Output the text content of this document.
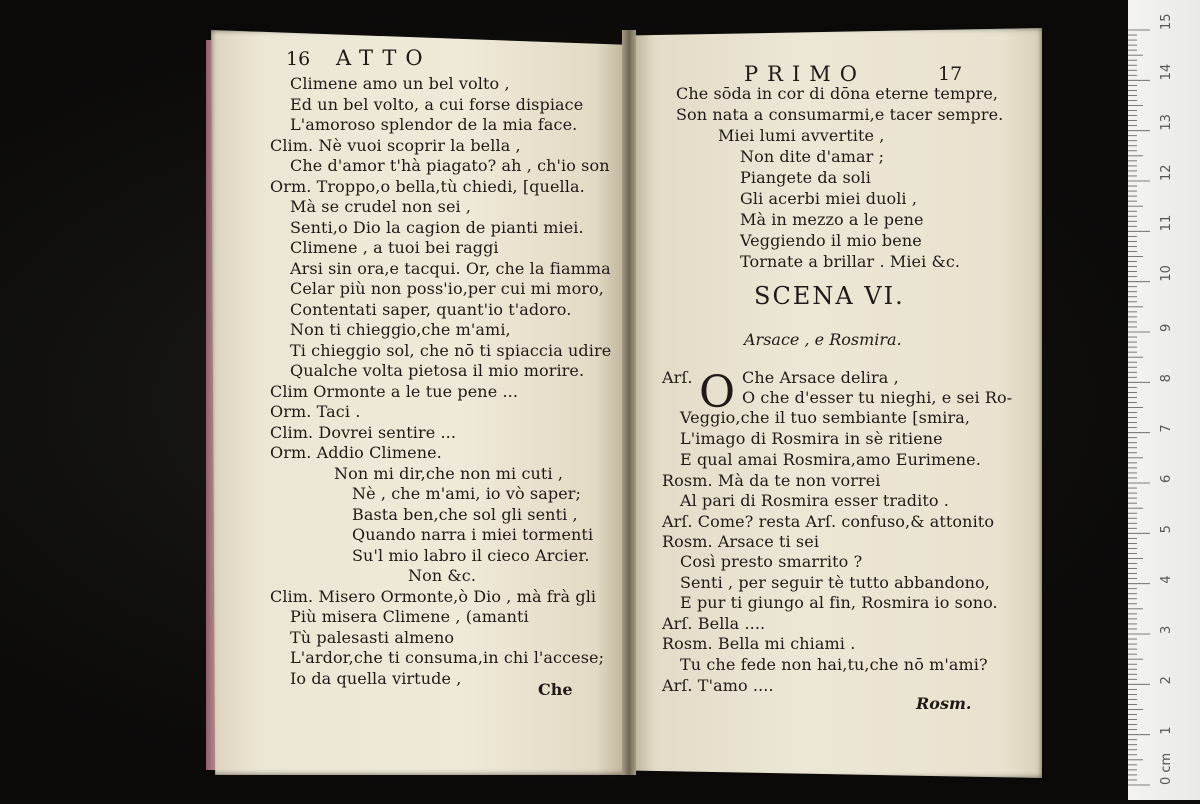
15
14
13
12
11
10
9
8
7
6
5
4
3
2
1
0 cm
16 ATTO
Climene amo un bel volto ,
Ed un bel volto, a cui forse dispiace
L'amoroso splendor de la mia face.
Clim. Nè vuoi scoprir la bella ,
Che d'amor t'hà piagato? ah , ch'io son
Orm. Troppo,o bella,tù chiedi, [quella.
Mà se crudel non sei ,
Senti,o Dio la cagion de pianti miei.
Climene , a tuoi bei raggi
Arsi sin ora,e tacqui. Or, che la fiamma
Celar più non poss'io,per cui mi moro,
Contentati saper, quant'io t'adoro.
Non ti chieggio,che m'ami,
Ti chieggio sol, che nō ti spiaccia udire
Qualche volta pietosa il mio morire.
Clim Ormonte a le tue pene ...
Orm. Taci .
Clim. Dovrei sentire ...
Orm. Addio Climene.
Non mi dir,che non mi cuti ,
Nè , che m'ami, io vò saper;
Basta ben,che sol gli senti ,
Quando narra i miei tormenti
Su'l mio labro il cieco Arcier.
Non &c.
Clim. Misero Ormonte,ò Dio , mà frà gli
Più misera Climene , (amanti
Tù palesasti almeno
L'ardor,che ti consuma,in chi l'accese;
Io da quella virtude ,
Che
PRIMO	17
Che sōda in cor di dōna eterne tempre,
Son nata a consumarmi,e tacer sempre.
Miei lumi avvertite ,
Non dite d'amar ;
Piangete da soli
Gli acerbi miei duoli ,
Mà in mezzo a le pene
Veggiendo il mio bene
Tornate a brillar . Miei &c.
SCENA VI.
Arsace , e Rosmira.
O
Arſ.	Che Arsace delira ,
O che d'esser tu nieghi, e sei Ro-
Veggio,che il tuo sembiante [smira,
L'imago di Rosmira in sè ritiene
E qual amai Rosmira,amo Eurimene.
Rosm. Mà da te non vorrei
Al pari di Rosmira esser tradito .
Arſ. Come? resta Arſ. confuso,& attonito
Rosm. Arsace ti sei
Così presto smarrito ?
Senti , per seguir tè tutto abbandono,
E pur ti giungo al fin, Rosmira io sono.
Arſ. Bella ....
Rosm. Bella mi chiami .
Tu che fede non hai,tu,che nō m'ami?
Arſ. T'amo ....
Rosm.
